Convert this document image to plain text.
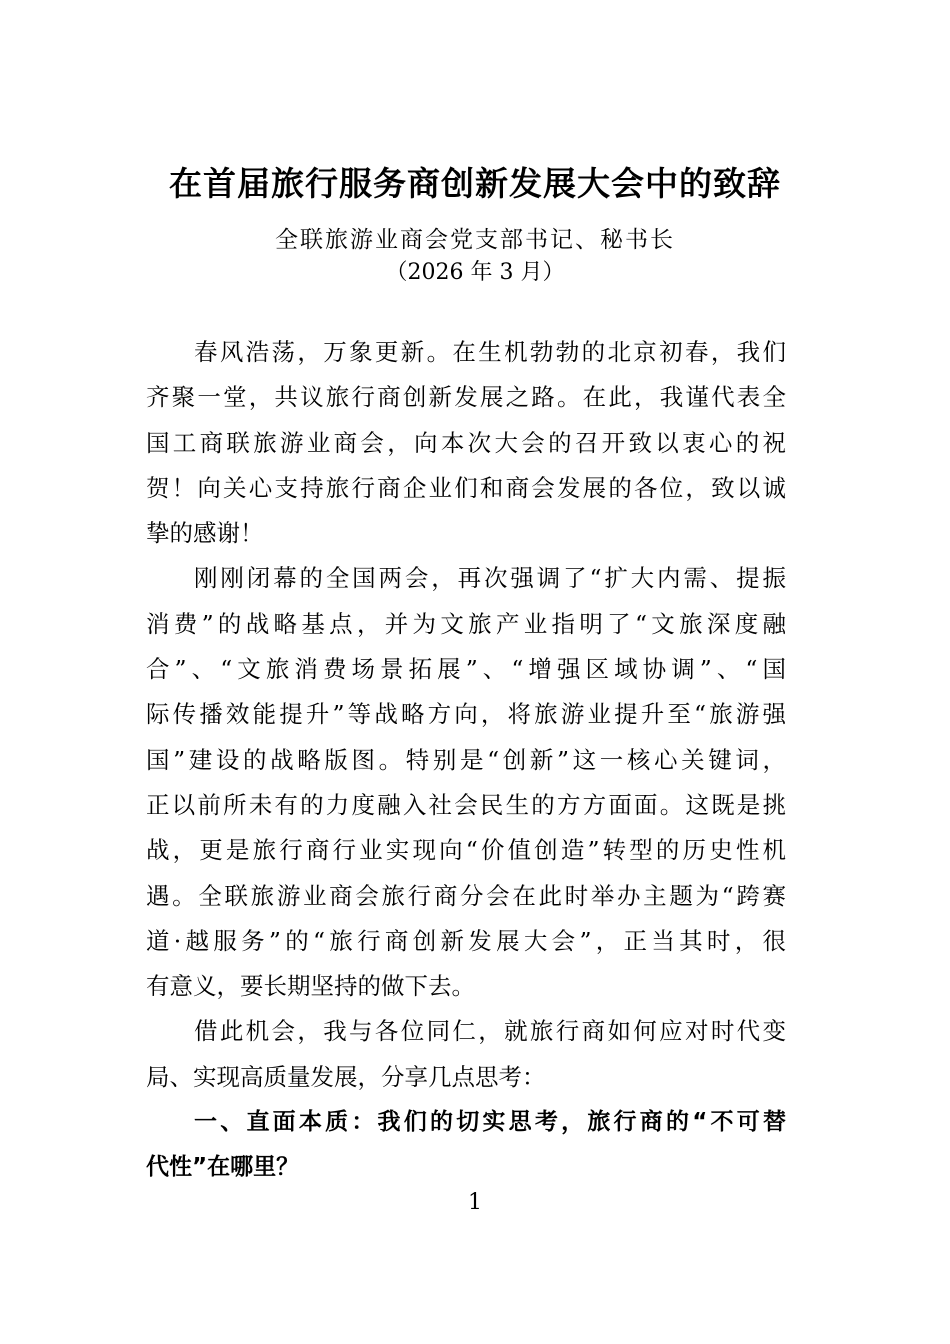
在首届旅行服务商创新发展大会中的致辞
全联旅游业商会党支部书记、秘书长
（2026 年 3 月）
春风浩荡，万象更新。在生机勃勃的北京初春，我们
齐聚一堂，共议旅行商创新发展之路。在此，我谨代表全
国工商联旅游业商会，向本次大会的召开致以衷心的祝
贺！向关心支持旅行商企业们和商会发展的各位，致以诚
挚的感谢！
刚刚闭幕的全国两会，再次强调了“扩大内需、提振
消费”的战略基点，并为文旅产业指明了“文旅深度融
合”、“文旅消费场景拓展”、“增强区域协调”、“国
际传播效能提升”等战略方向，将旅游业提升至“旅游强
国”建设的战略版图。特别是“创新”这一核心关键词，
正以前所未有的力度融入社会民生的方方面面。这既是挑
战，更是旅行商行业实现向“价值创造”转型的历史性机
遇。全联旅游业商会旅行商分会在此时举办主题为“跨赛
道·越服务”的“旅行商创新发展大会”，正当其时，很
有意义，要长期坚持的做下去。
借此机会，我与各位同仁，就旅行商如何应对时代变
局、实现高质量发展，分享几点思考：
一、直面本质：我们的切实思考，旅行商的“不可替
代性”在哪里？
1
